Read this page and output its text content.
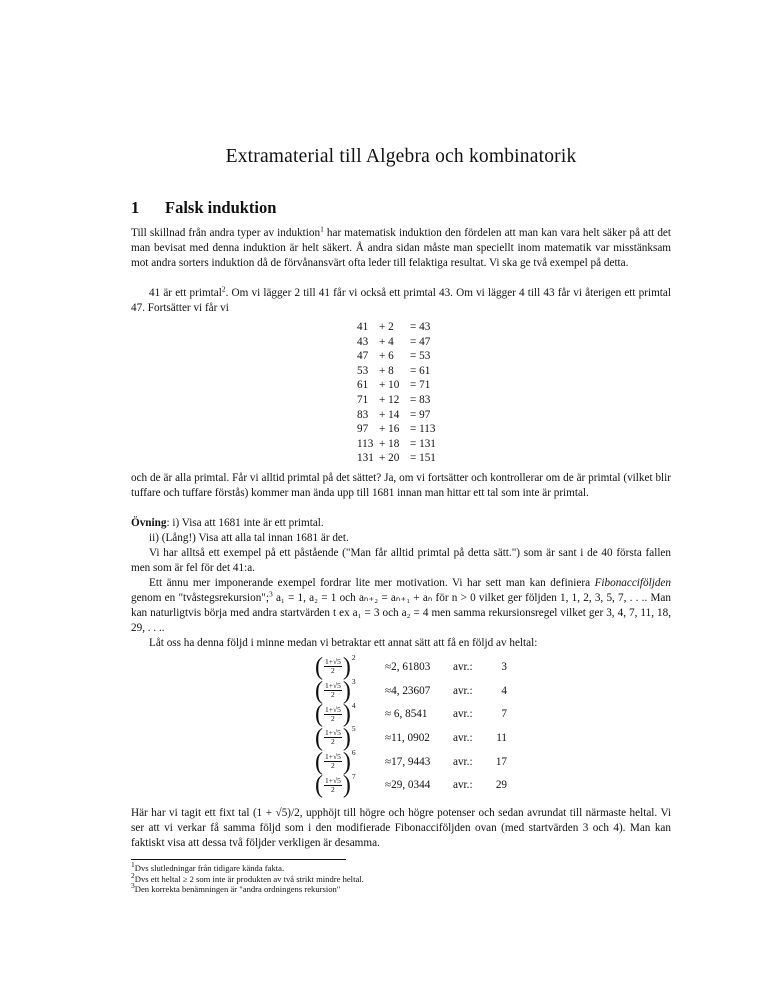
Extramaterial till Algebra och kombinatorik
1 Falsk induktion
Till skillnad från andra typer av induktion$^1$ har matematisk induktion den fördelen att man kan vara helt säker på att det man bevisat med denna induktion är helt säkert. Å andra sidan måste man speciellt inom matematik var misstänksam mot andra sorters induktion då de förvånansvärt ofta leder till felaktiga resultat. Vi ska ge två exempel på detta.
41 är ett primtal$^2$. Om vi lägger 2 till 41 får vi också ett primtal 43. Om vi lägger 4 till 43 får vi återigen ett primtal 47. Fortsätter vi får vi
41	+ 2	= 43
43	+ 4	= 47
47	+ 6	= 53
53	+ 8	= 61
61	+ 10	= 71
71	+ 12	= 83
83	+ 14	= 97
97	+ 16	= 113
113	+ 18	= 131
131	+ 20	= 151
och de är alla primtal. Får vi alltid primtal på det sättet? Ja, om vi fortsätter och kontrollerar om de är primtal (vilket blir tuffare och tuffare förstås) kommer man ända upp till 1681 innan man hittar ett tal som inte är primtal.
Övning: i) Visa att 1681 inte är ett primtal.
ii) (Lång!) Visa att alla tal innan 1681 är det.
Vi har alltså ett exempel på ett påstående ("Man får alltid primtal på detta sätt.") som är sant i de 40 första fallen men som är fel för det 41:a.
Ett ännu mer imponerande exempel fordrar lite mer motivation. Vi har sett man kan definiera Fibonacciföljden genom en "tvåstegsrekursion";$^3$ a₁ = 1, a₂ = 1 och aₙ₊₂ = aₙ₊₁ + aₙ för n > 0 vilket ger följden 1, 1, 2, 3, 5, 7, . . .. Man kan naturligtvis börja med andra startvärden t ex a₁ = 3 och a₂ = 4 men samma rekursionsregel vilket ger 3, 4, 7, 11, 18, 29, . . ..
Låt oss ha denna följd i minne medan vi betraktar ett annat sätt att få en följd av heltal:
( $\frac{1+√5}{2}$ ) 2	≈2, 61803	avr.:	3

( $\frac{1+√5}{2}$ ) 3	≈4, 23607	avr.:	4

( $\frac{1+√5}{2}$ ) 4	≈ 6, 8541	avr.:	7

( $\frac{1+√5}{2}$ ) 5	≈11, 0902	avr.:	11

( $\frac{1+√5}{2}$ ) 6	≈17, 9443	avr.:	17

( $\frac{1+√5}{2}$ ) 7	≈29, 0344	avr.:	29
Här har vi tagit ett fixt tal (1 + √5)/2, upphöjt till högre och högre potenser och sedan avrundat till närmaste heltal. Vi ser att vi verkar få samma följd som i den modifierade Fibonacciföljden ovan (med startvärden 3 och 4). Man kan faktiskt visa att dessa två följder verkligen är desamma.
$^1$Dvs slutledningar från tidigare kända fakta.
$^2$Dvs ett heltal ≥ 2 som inte är produkten av två strikt mindre heltal.
$^3$Den korrekta benämningen är "andra ordningens rekursion"
